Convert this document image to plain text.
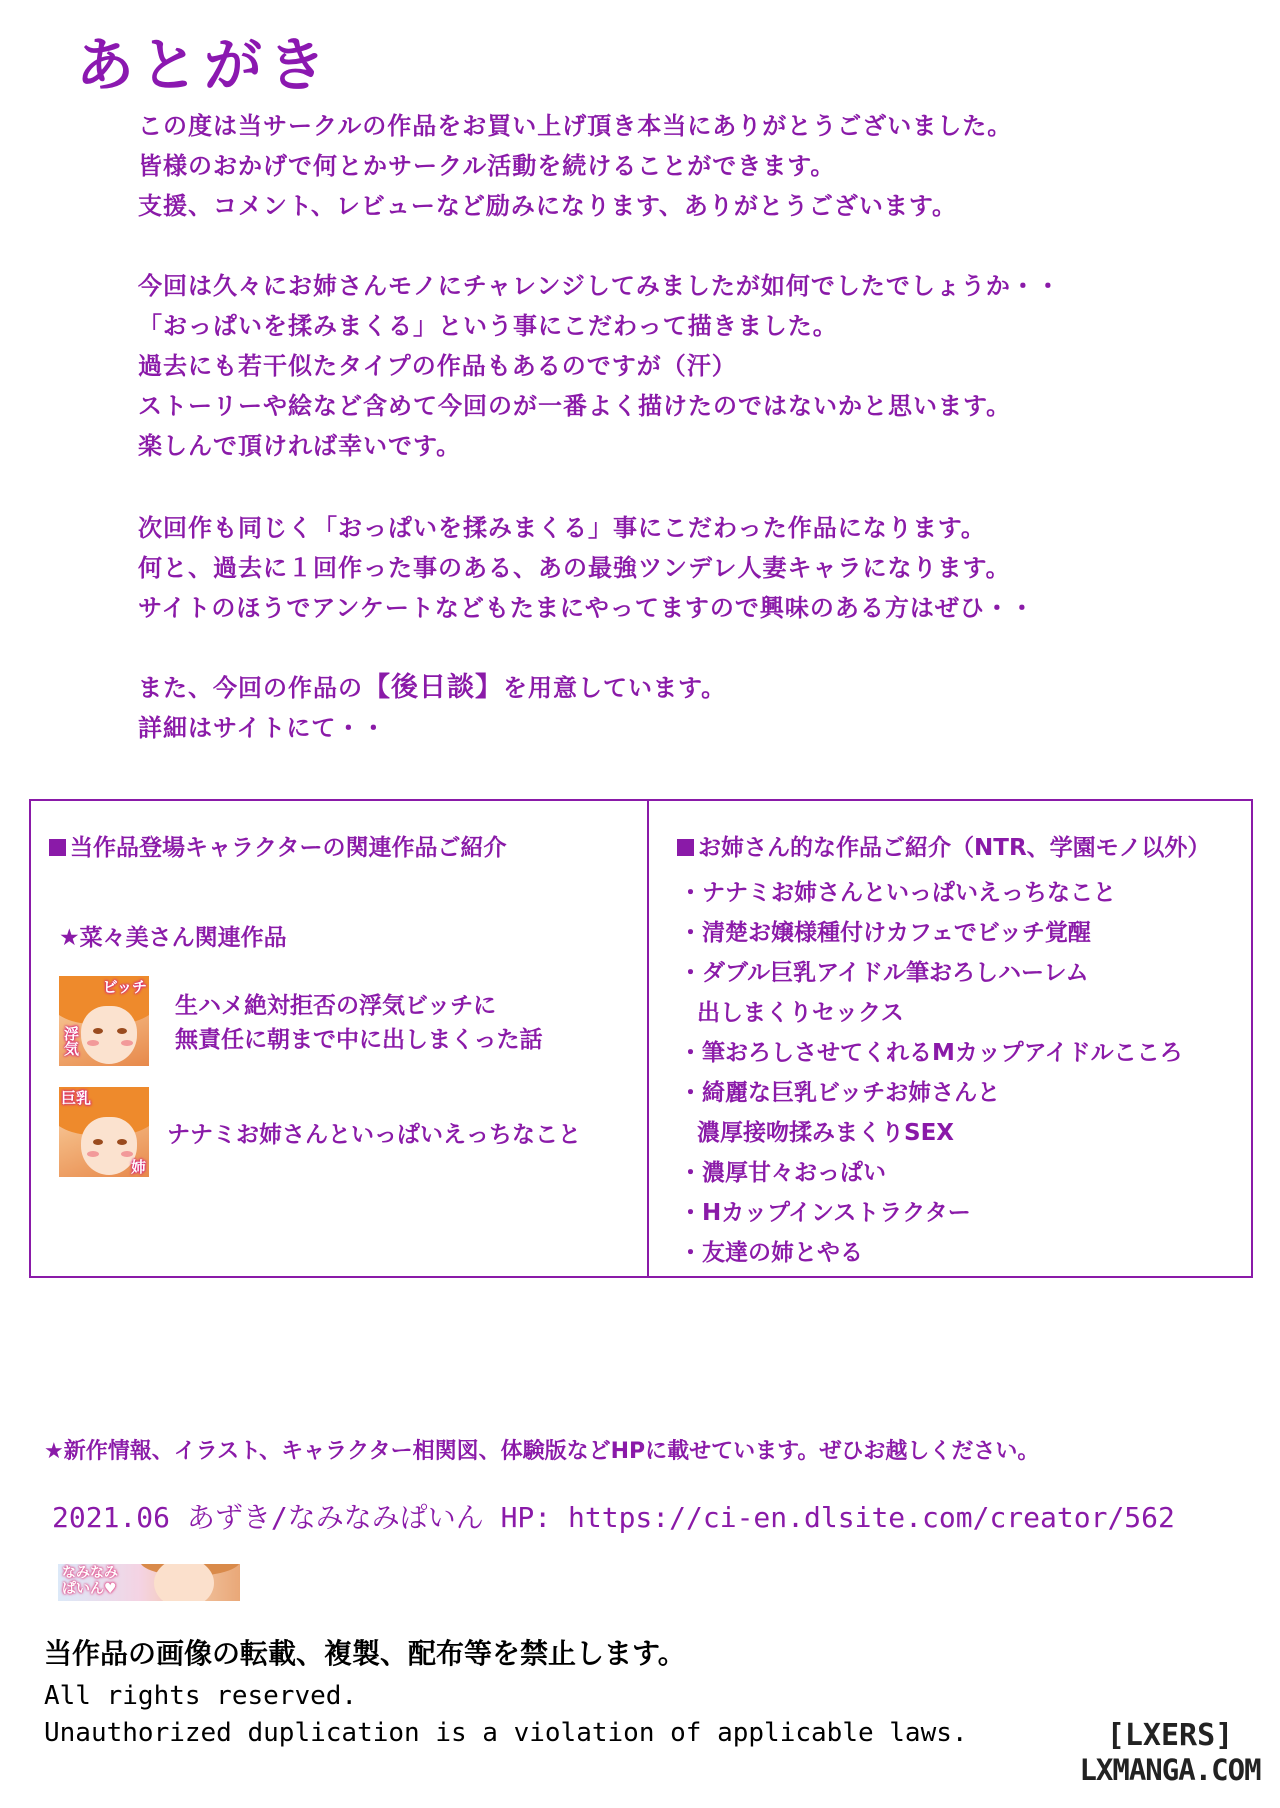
あとがき

この度は当サークルの作品をお買い上げ頂き本当にありがとうございました。

皆様のおかげで何とかサークル活動を続けることができます。

支援、コメント、レビューなど励みになります、ありがとうございます。

今回は久々にお姉さんモノにチャレンジしてみましたが如何でしたでしょうか・・

「おっぱいを揉みまくる」という事にこだわって描きました。

過去にも若干似たタイプの作品もあるのですが（汗）

ストーリーや絵など含めて今回のが一番よく描けたのではないかと思います。

楽しんで頂ければ幸いです。

次回作も同じく「おっぱいを揉みまくる」事にこだわった作品になります。

何と、過去に１回作った事のある、あの最強ツンデレ人妻キャラになります。

サイトのほうでアンケートなどもたまにやってますので興味のある方はぜひ・・

また、今回の作品の【後日談】を用意しています。

詳細はサイトにて・・

当作品登場キャラクターの関連作品ご紹介

★菜々美さん関連作品

ビッチ
浮気

生ハメ絶対拒否の浮気ビッチに

無責任に朝まで中に出しまくった話

巨乳
姉

ナナミお姉さんといっぱいえっちなこと

お姉さん的な作品ご紹介（NTR、学園モノ以外）

・ナナミお姉さんといっぱいえっちなこと
・清楚お嬢様種付けカフェでビッチ覚醒
・ダブル巨乳アイドル筆おろしハーレム
出しまくりセックス
・筆おろしさせてくれるMカップアイドルこころ
・綺麗な巨乳ビッチお姉さんと
濃厚接吻揉みまくりSEX
・濃厚甘々おっぱい
・Hカップインストラクター
・友達の姉とやる

★新作情報、イラスト、キャラクター相関図、体験版などHPに載せています。ぜひお越しください。

2021.06 あずき/なみなみぱいん HP: https://ci-en.dlsite.com/creator/562

なみなみ
ぱいん♥

当作品の画像の転載、複製、配布等を禁止します。

All rights reserved.

Unauthorized duplication is a violation of applicable laws.	[LXERS]

LXMANGA.COM
